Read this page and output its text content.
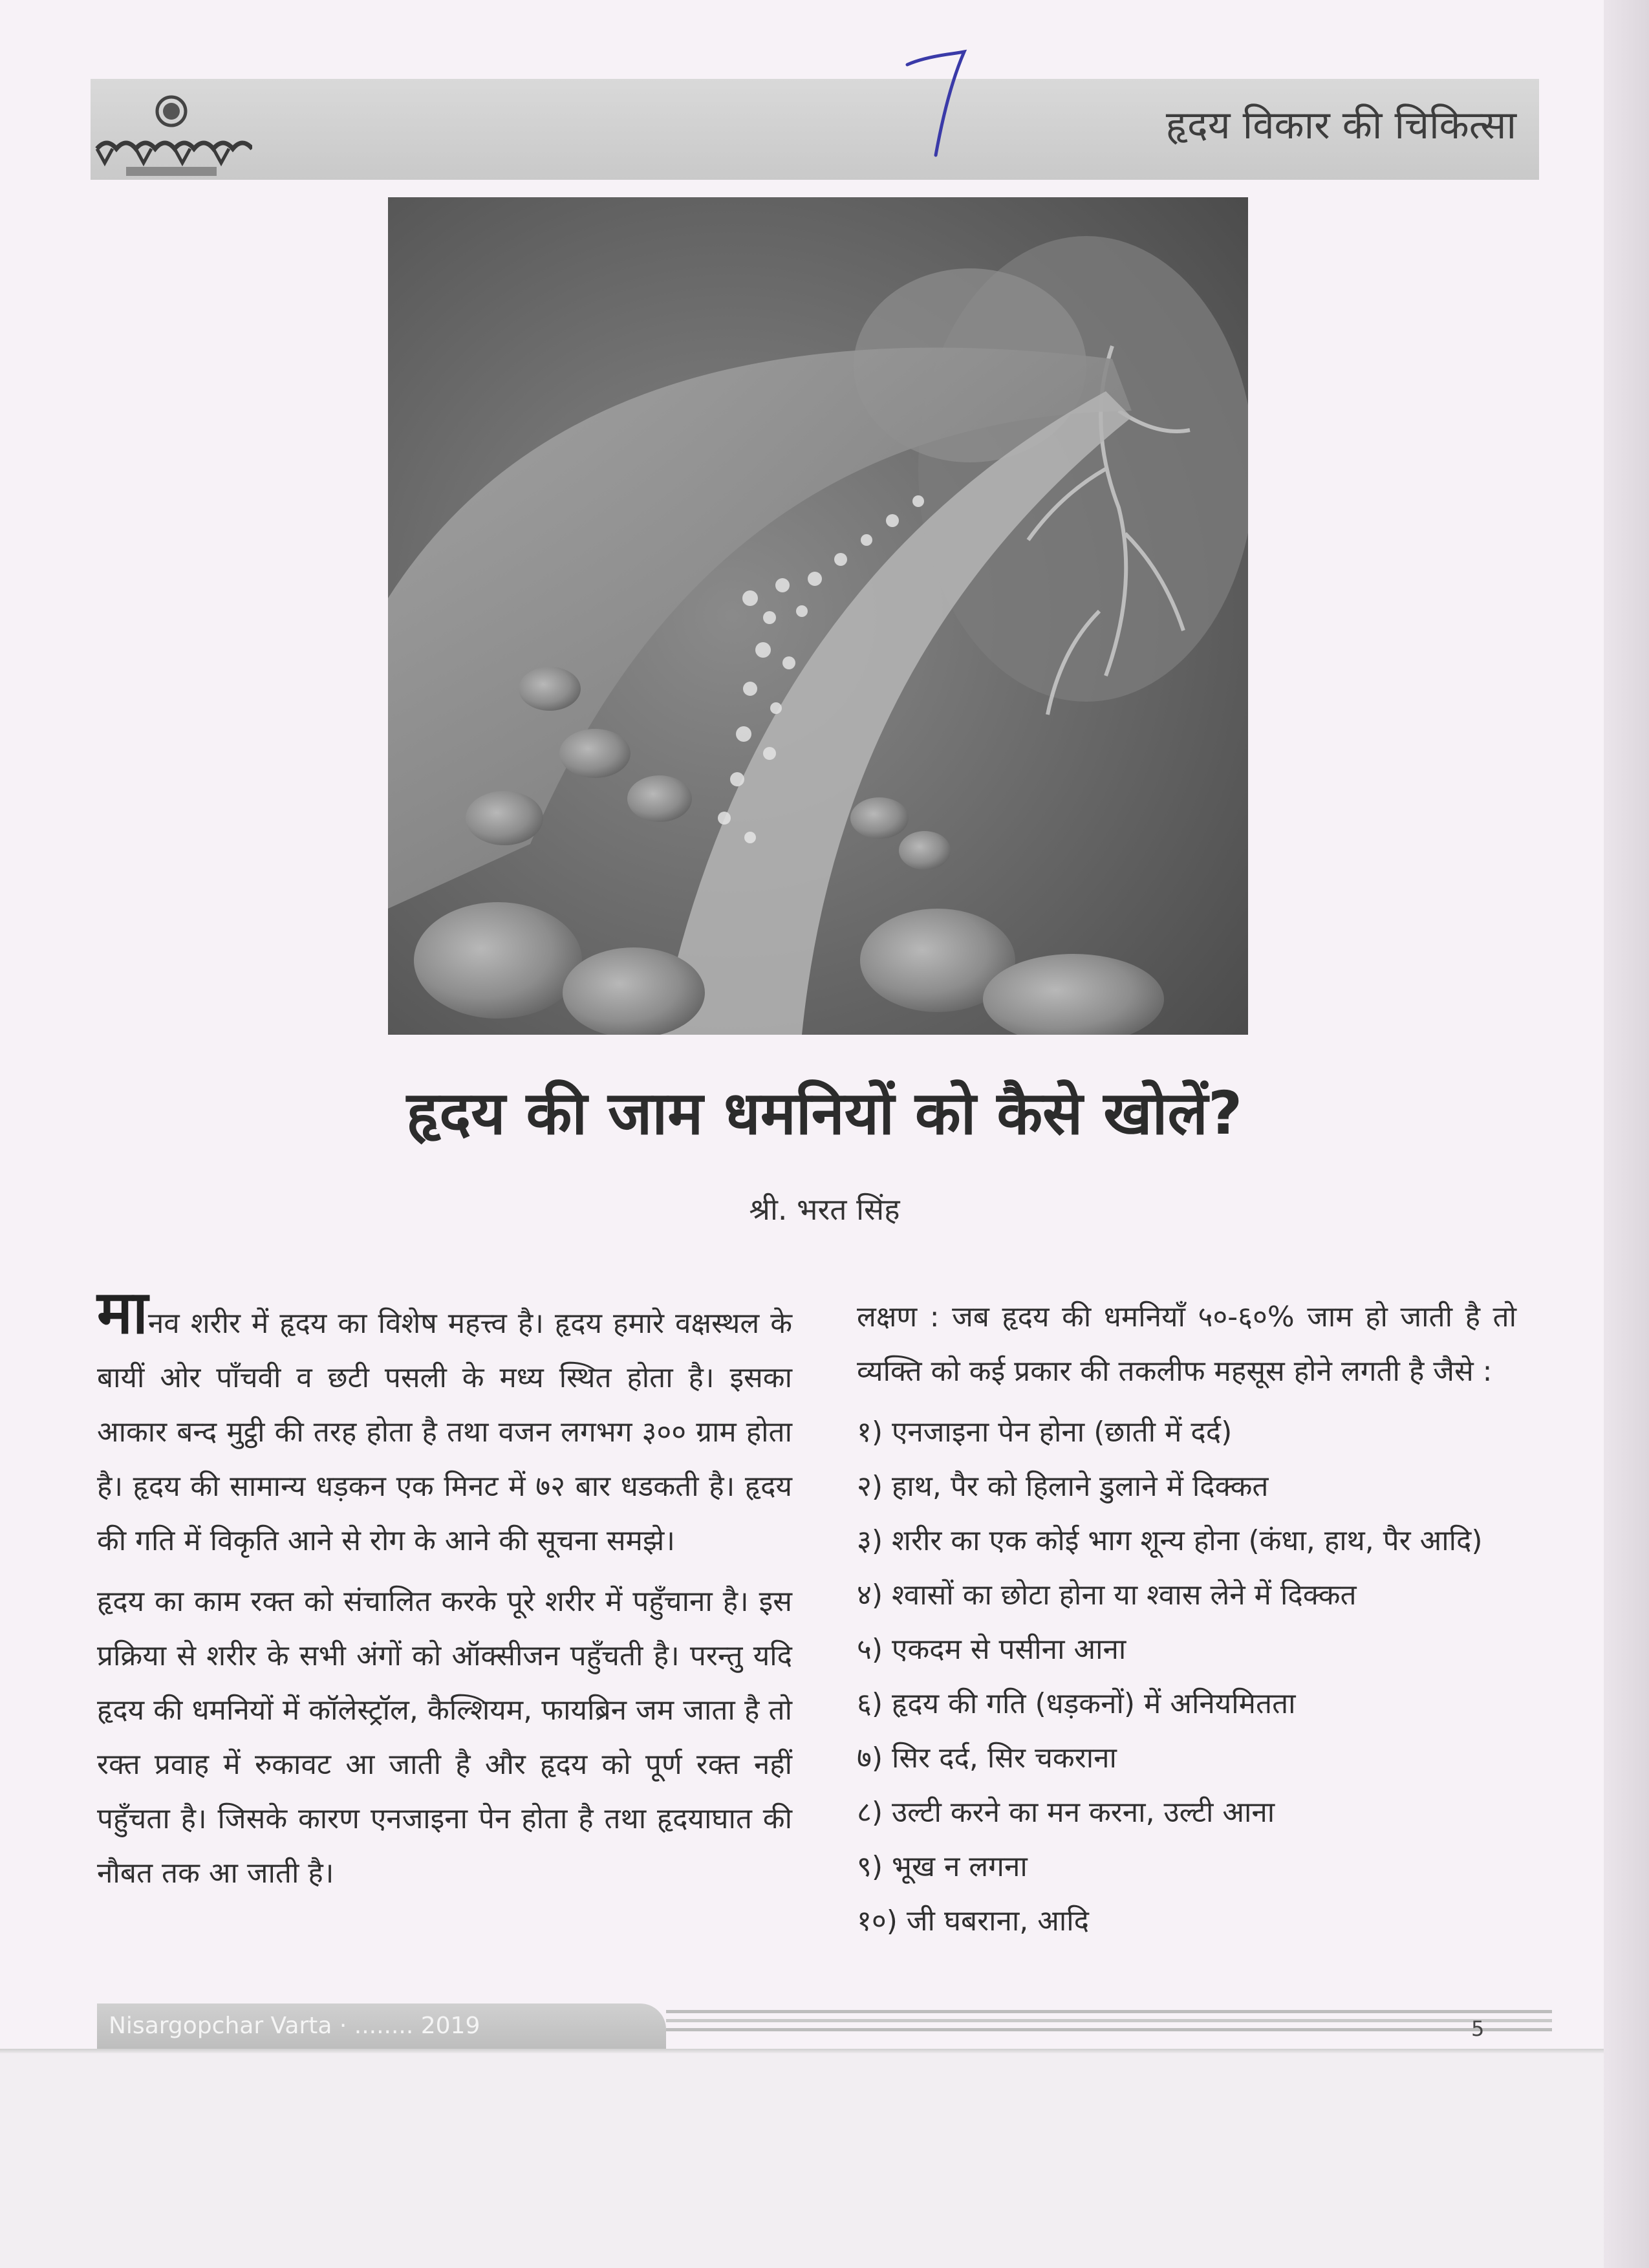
हृदय विकार की चिकित्सा
हृदय की जाम धमनियों को कैसे खोलें?
श्री. भरत सिंह

मानव शरीर में हृदय का विशेष महत्त्व है। हृदय हमारे वक्षस्थल के बायीं ओर पाँचवी व छटी पसली के मध्य स्थित होता है। इसका आकार बन्द मुट्ठी की तरह होता है तथा वजन लगभग ३०० ग्राम होता है। हृदय की सामान्य धड़कन एक मिनट में ७२ बार धडकती है। हृदय की गति में विकृति आने से रोग के आने की सूचना समझे।

हृदय का काम रक्त को संचालित करके पूरे शरीर में पहुँचाना है। इस प्रक्रिया से शरीर के सभी अंगों को ऑक्सीजन पहुँचती है। परन्तु यदि हृदय की धमनियों में कॉलेस्ट्रॉल, कैल्शियम, फायब्रिन जम जाता है तो रक्त प्रवाह में रुकावट आ जाती है और हृदय को पूर्ण रक्त नहीं पहुँचता है। जिसके कारण एनजाइना पेन होता है तथा हृदयाघात की नौबत तक आ जाती है।

लक्षण : जब हृदय की धमनियाँ ५०-६०% जाम हो जाती है तो व्यक्ति को कई प्रकार की तकलीफ महसूस होने लगती है जैसे :

१) एनजाइना पेन होना (छाती में दर्द)
२) हाथ, पैर को हिलाने डुलाने में दिक्कत
३) शरीर का एक कोई भाग शून्य होना (कंधा, हाथ, पैर आदि)
४) श्वासों का छोटा होना या श्वास लेने में दिक्कत
५) एकदम से पसीना आना
६) हृदय की गति (धड़कनों) में अनियमितता
७) सिर दर्द, सिर चकराना
८) उल्टी करने का मन करना, उल्टी आना
९) भूख न लगना
१०) जी घबराना, आदि
Nisargopchar Varta · ........ 2019	5
